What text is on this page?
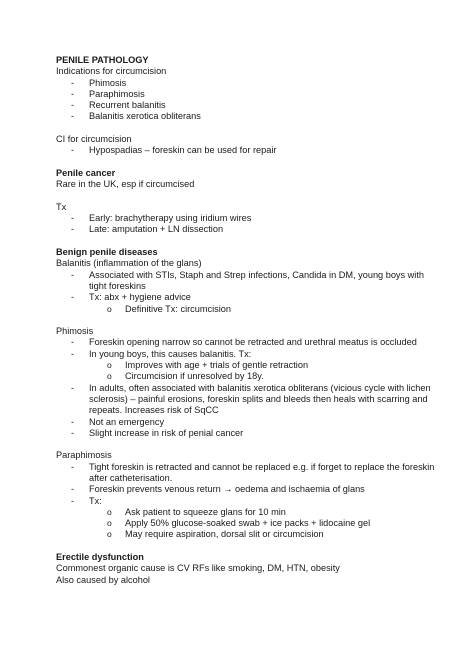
PENILE PATHOLOGY
Indications for circumcision
- Phimosis
- Paraphimosis
- Recurrent balanitis
- Balanitis xerotica obliterans
CI for circumcision
- Hypospadias – foreskin can be used for repair
Penile cancer
Rare in the UK, esp if circumcised
Tx
- Early: brachytherapy using iridium wires
- Late: amputation + LN dissection
Benign penile diseases
Balanitis (inflammation of the glans)
- Associated with STIs, Staph and Strep infections, Candida in DM, young boys with
tight foreskins
- Tx: abx + hygiene advice
o Definitive Tx: circumcision
Phimosis
- Foreskin opening narrow so cannot be retracted and urethral meatus is occluded
- In young boys, this causes balanitis. Tx:
o Improves with age + trials of gentle retraction
o Circumcision if unresolved by 18y.
- In adults, often associated with balanitis xerotica obliterans (vicious cycle with lichen
sclerosis) – painful erosions, foreskin splits and bleeds then heals with scarring and
repeats. Increases risk of SqCC
- Not an emergency
- Slight increase in risk of penial cancer
Paraphimosis
- Tight foreskin is retracted and cannot be replaced e.g. if forget to replace the foreskin
after catheterisation.
- Foreskin prevents venous return → oedema and ischaemia of glans
- Tx:
o Ask patient to squeeze glans for 10 min
o Apply 50% glucose-soaked swab + ice packs + lidocaine gel
o May require aspiration, dorsal slit or circumcision
Erectile dysfunction
Commonest organic cause is CV RFs like smoking, DM, HTN, obesity
Also caused by alcohol
